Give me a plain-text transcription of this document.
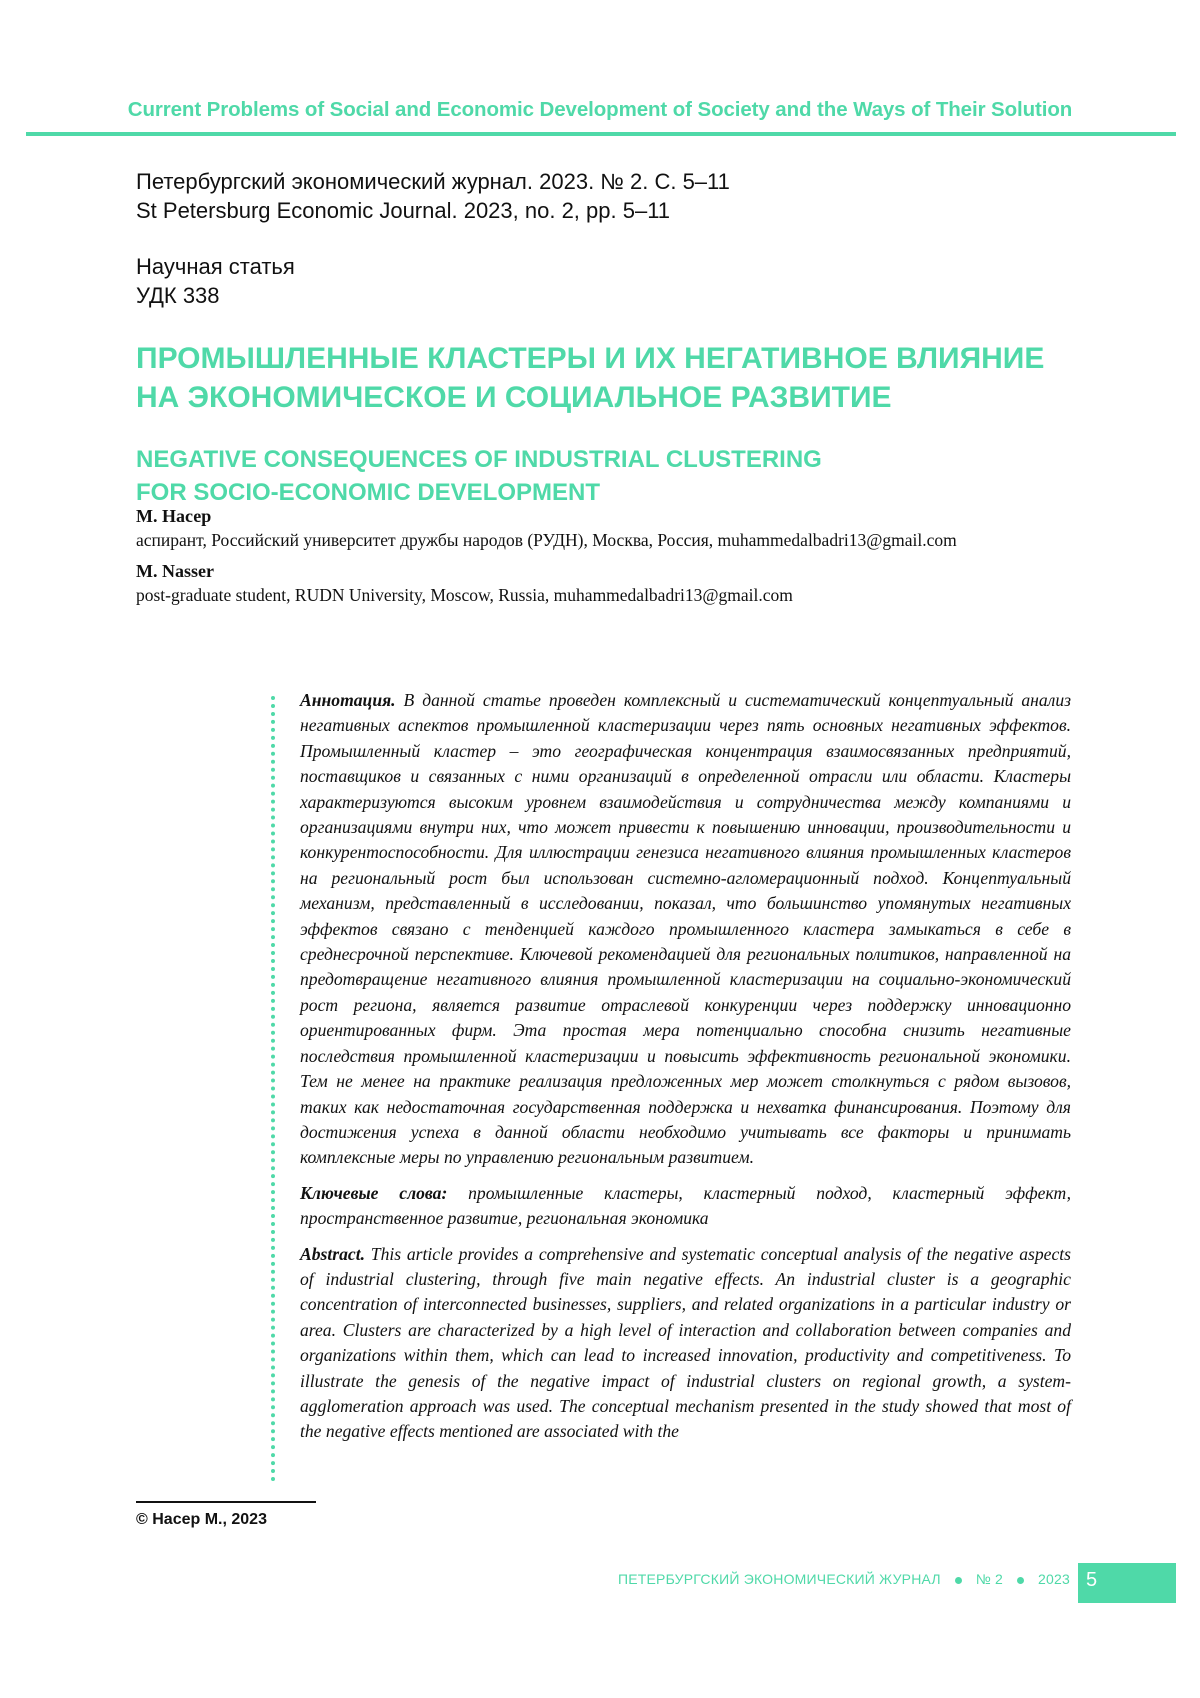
Current Problems of Social and Economic Development of Society and the Ways of Their Solution
Петербургский экономический журнал. 2023. № 2. С. 5–11
St Petersburg Economic Journal. 2023, no. 2, pp. 5–11
Научная статья
УДК 338
ПРОМЫШЛЕННЫЕ КЛАСТЕРЫ И ИХ НЕГАТИВНОЕ ВЛИЯНИЕ
НА ЭКОНОМИЧЕСКОЕ И СОЦИАЛЬНОЕ РАЗВИТИЕ
NEGATIVE CONSEQUENCES OF INDUSTRIAL CLUSTERING
FOR SOCIO-ECONOMIC DEVELOPMENT
М. Насер
аспирант, Российский университет дружбы народов (РУДН), Москва, Россия, muhammedalbadri13@gmail.com
M. Nasser
post-graduate student, RUDN University, Moscow, Russia, muhammedalbadri13@gmail.com

Аннотация. В данной статье проведен комплексный и систематический концептуальный анализ негативных аспектов промышленной кластеризации через пять основных негативных эффектов. Промышленный кластер – это географическая концентрация взаимосвязанных предприятий, поставщиков и связанных с ними организаций в определенной отрасли или области. Кластеры характеризуются высоким уровнем взаимодействия и сотрудничества между компаниями и организациями внутри них, что может привести к повышению инновации, производительности и конкурентоспособности. Для иллюстрации генезиса негативного влияния промышленных кластеров на региональный рост был использован системно-агломерационный подход. Концептуальный механизм, представленный в исследовании, показал, что большинство упомянутых негативных эффектов связано с тенденцией каждого промышленного кластера замыкаться в себе в среднесрочной перспективе. Ключевой рекомендацией для региональных политиков, направленной на предотвращение негативного влияния промышленной кластеризации на социально-экономический рост региона, является развитие отраслевой конкуренции через поддержку инновационно ориентированных фирм. Эта простая мера потенциально способна снизить негативные последствия промышленной кластеризации и повысить эффективность региональной экономики. Тем не менее на практике реализация предложенных мер может столкнуться с рядом вызовов, таких как недостаточная государственная поддержка и нехватка финансирования. Поэтому для достижения успеха в данной области необходимо учитывать все факторы и принимать комплексные меры по управлению региональным развитием.

Ключевые слова: промышленные кластеры, кластерный подход, кластерный эффект, пространственное развитие, региональная экономика

Abstract. This article provides a comprehensive and systematic conceptual analysis of the negative aspects of industrial clustering, through five main negative effects. An industrial cluster is a geographic concentration of interconnected businesses, suppliers, and related organizations in a particular industry or area. Clusters are characterized by a high level of interaction and collaboration between companies and organizations within them, which can lead to increased innovation, productivity and competitiveness. To illustrate the genesis of the negative impact of industrial clusters on regional growth, a system-agglomeration approach was used. The conceptual mechanism presented in the study showed that most of the negative effects mentioned are associated with the

© Насер М., 2023
ПЕТЕРБУРГСКИЙ ЭКОНОМИЧЕСКИЙ ЖУРНАЛ	№ 2	2023 5
